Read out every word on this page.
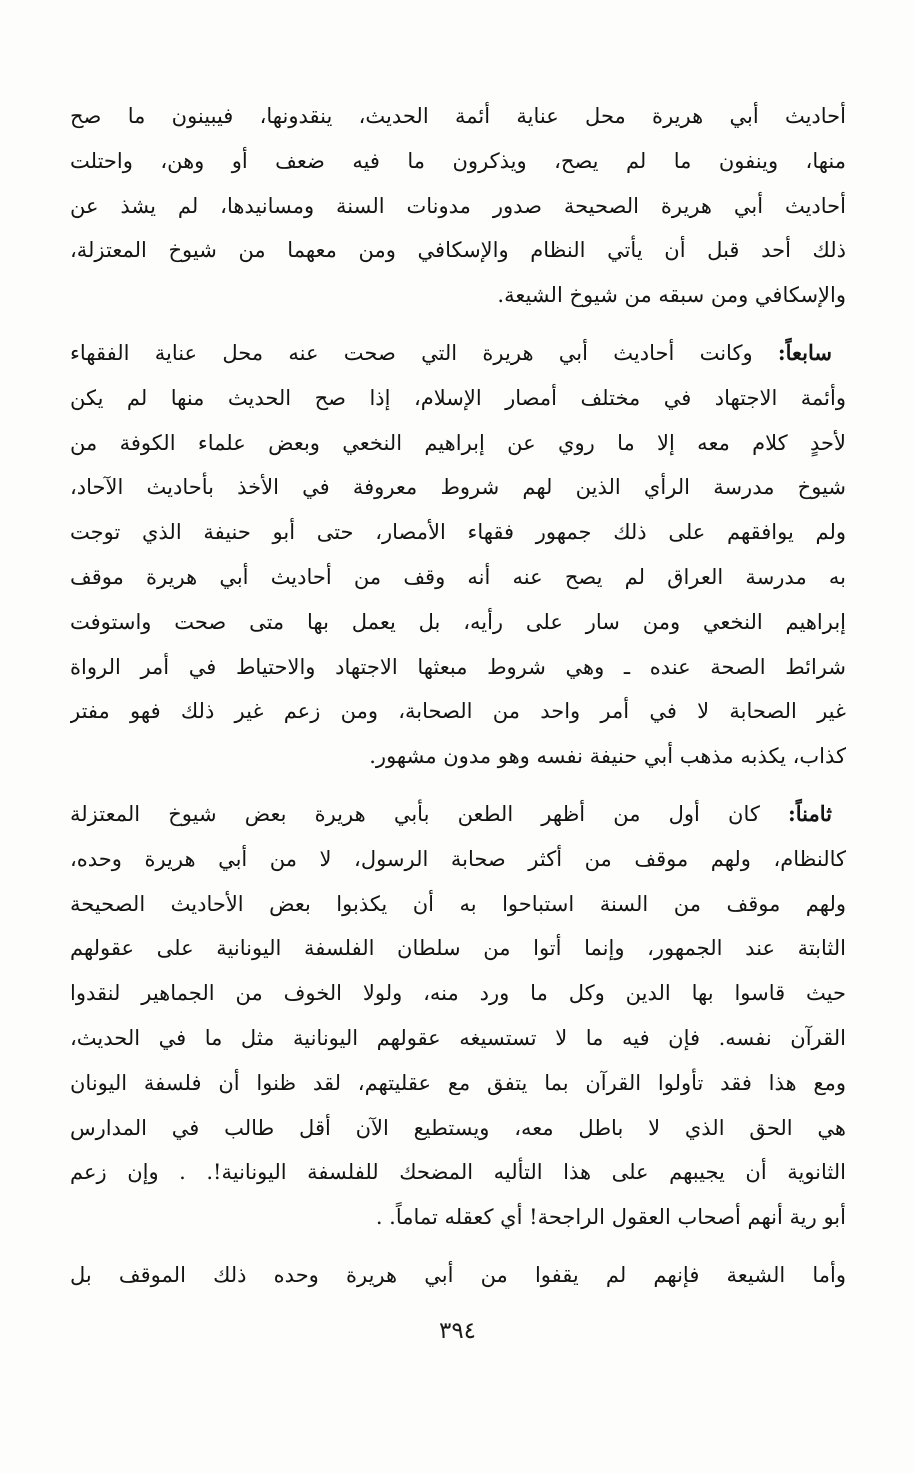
أحاديث أبي هريرة محل عناية أئمة الحديث، ينقدونها، فيبينون ما صح
منها، وينفون ما لم يصح، ويذكرون ما فيه ضعف أو وهن، واحتلت
أحاديث أبي هريرة الصحيحة صدور مدونات السنة ومسانيدها، لم يشذ عن
ذلك أحد قبل أن يأتي النظام والإسكافي ومن معهما من شيوخ المعتزلة،
والإسكافي ومن سبقه من شيوخ الشيعة.
سابعاً: وكانت أحاديث أبي هريرة التي صحت عنه محل عناية الفقهاء
وأئمة الاجتهاد في مختلف أمصار الإسلام، إذا صح الحديث منها لم يكن
لأحدٍ كلام معه إلا ما روي عن إبراهيم النخعي وبعض علماء الكوفة من
شيوخ مدرسة الرأي الذين لهم شروط معروفة في الأخذ بأحاديث الآحاد،
ولم يوافقهم على ذلك جمهور فقهاء الأمصار، حتى أبو حنيفة الذي توجت
به مدرسة العراق لم يصح عنه أنه وقف من أحاديث أبي هريرة موقف
إبراهيم النخعي ومن سار على رأيه، بل يعمل بها متى صحت واستوفت
شرائط الصحة عنده ـ وهي شروط مبعثها الاجتهاد والاحتياط في أمر الرواة
غير الصحابة لا في أمر واحد من الصحابة، ومن زعم غير ذلك فهو مفتر
كذاب، يكذبه مذهب أبي حنيفة نفسه وهو مدون مشهور.
ثامناً: كان أول من أظهر الطعن بأبي هريرة بعض شيوخ المعتزلة
كالنظام، ولهم موقف من أكثر صحابة الرسول، لا من أبي هريرة وحده،
ولهم موقف من السنة استباحوا به أن يكذبوا بعض الأحاديث الصحيحة
الثابتة عند الجمهور، وإنما أتوا من سلطان الفلسفة اليونانية على عقولهم
حيث قاسوا بها الدين وكل ما ورد منه، ولولا الخوف من الجماهير لنقدوا
القرآن نفسه. فإن فيه ما لا تستسيغه عقولهم اليونانية مثل ما في الحديث،
ومع هذا فقد تأولوا القرآن بما يتفق مع عقليتهم، لقد ظنوا أن فلسفة اليونان
هي الحق الذي لا باطل معه، ويستطيع الآن أقل طالب في المدارس
الثانوية أن يجيبهم على هذا التأليه المضحك للفلسفة اليونانية!. . وإن زعم
أبو رية أنهم أصحاب العقول الراجحة! أي كعقله تماماً. .
وأما الشيعة فإنهم لم يقفوا من أبي هريرة وحده ذلك الموقف بل
٣٩٤
